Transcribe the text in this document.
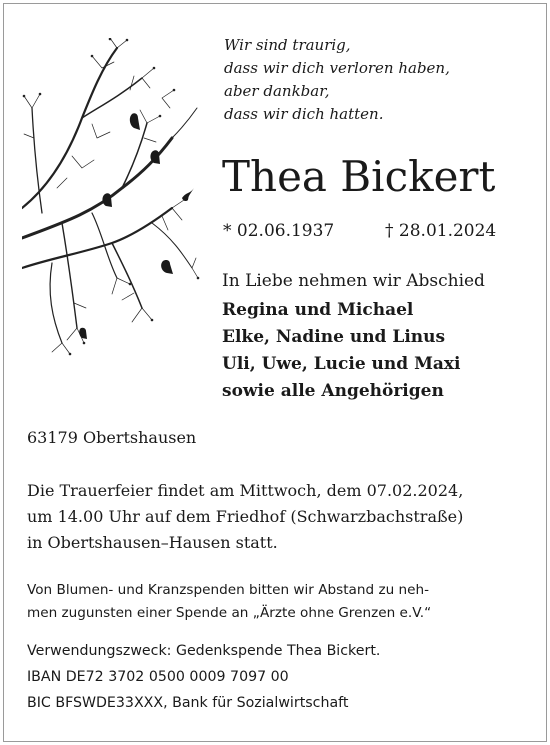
Wir sind traurig,
dass wir dich verloren haben,
aber dankbar,
dass wir dich hatten.
Thea Bickert
* 02.06.1937	† 28.01.2024
In Liebe nehmen wir Abschied
Regina und Michael
Elke, Nadine und Linus
Uli, Uwe, Lucie und Maxi
sowie alle Angehörigen
63179 Obertshausen
Die Trauerfeier findet am Mittwoch, dem 07.02.2024,
um 14.00 Uhr auf dem Friedhof (Schwarzbachstraße)
in Obertshausen–Hausen statt.
Von Blumen- und Kranzspenden bitten wir Abstand zu neh-
men zugunsten einer Spende an „Ärzte ohne Grenzen e.V.“
Verwendungszweck: Gedenkspende Thea Bickert.
IBAN DE72 3702 0500 0009 7097 00
BIC BFSWDE33XXX, Bank für Sozialwirtschaft
